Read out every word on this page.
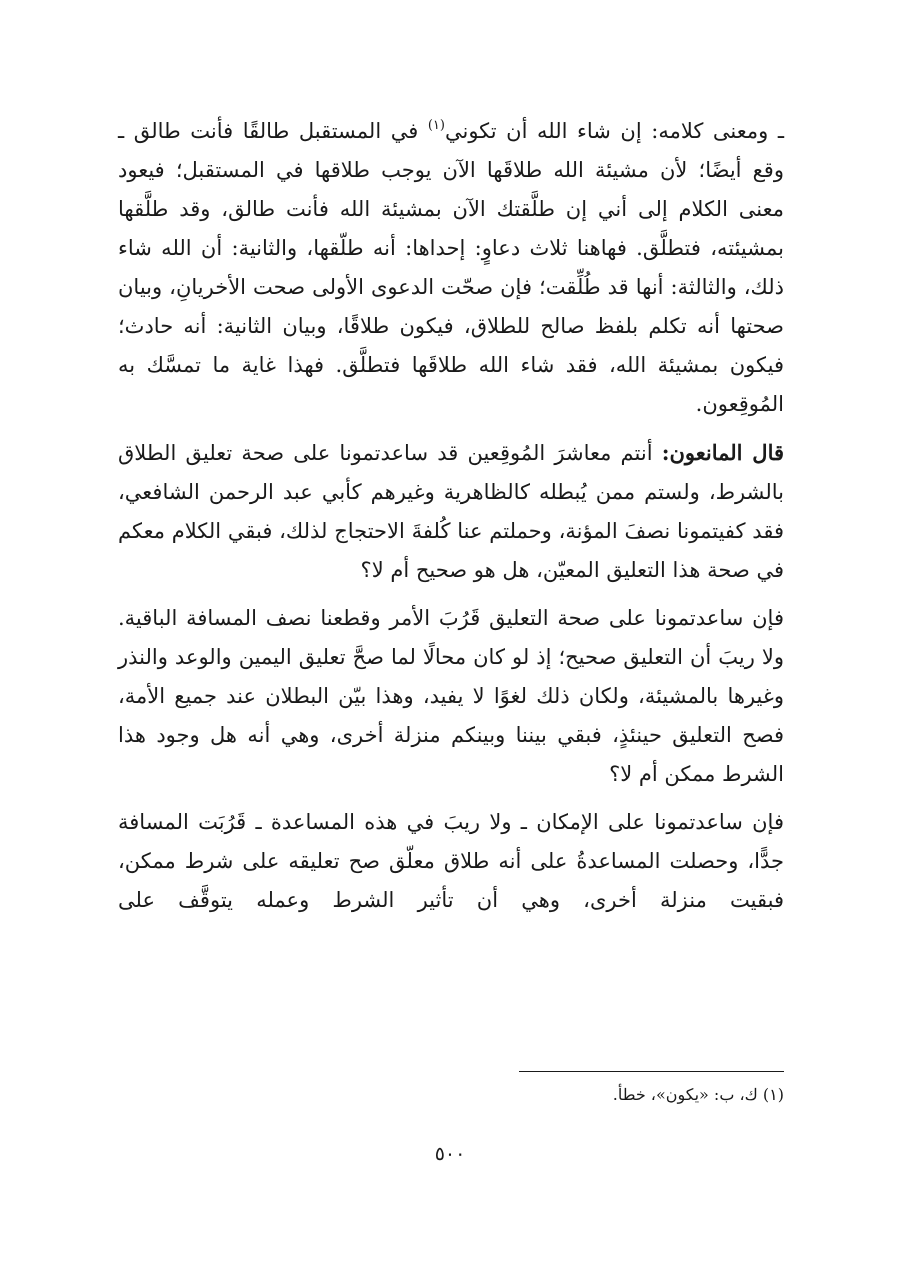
ـ ومعنى كلامه: إن شاء الله أن تكوني$^{(١)}$ في المستقبل طالقًا فأنت طالق ـ وقع أيضًا؛ لأن مشيئة الله طلاقَها الآن يوجب طلاقها في المستقبل؛ فيعود معنى الكلام إلى أني إن طلَّقتك الآن بمشيئة الله فأنت طالق، وقد طلَّقها بمشيئته، فتطلَّق. فهاهنا ثلاث دعاوٍ: إحداها: أنه طلّقها، والثانية: أن الله شاء ذلك، والثالثة: أنها قد طُلِّقت؛ فإن صحّت الدعوى الأولى صحت الأخريانِ، وبيان صحتها أنه تكلم بلفظ صالح للطلاق، فيكون طلاقًا، وبيان الثانية: أنه حادث؛ فيكون بمشيئة الله، فقد شاء الله طلاقَها فتطلَّق. فهذا غاية ما تمسَّك به المُوقِعون.

قال المانعون: أنتم معاشرَ المُوقِعين قد ساعدتمونا على صحة تعليق الطلاق بالشرط، ولستم ممن يُبطله كالظاهرية وغيرهم كأبي عبد الرحمن الشافعي، فقد كفيتمونا نصفَ المؤنة، وحملتم عنا كُلفةَ الاحتجاج لذلك، فبقي الكلام معكم في صحة هذا التعليق المعيّن، هل هو صحيح أم لا؟

فإن ساعدتمونا على صحة التعليق قَرُبَ الأمر وقطعنا نصف المسافة الباقية. ولا ريبَ أن التعليق صحيح؛ إذ لو كان محالًا لما صحَّ تعليق اليمين والوعد والنذر وغيرها بالمشيئة، ولكان ذلك لغوًا لا يفيد، وهذا بيّن البطلان عند جميع الأمة، فصح التعليق حينئذٍ، فبقي بيننا وبينكم منزلة أخرى، وهي أنه هل وجود هذا الشرط ممكن أم لا؟

فإن ساعدتمونا على الإمكان ـ ولا ريبَ في هذه المساعدة ـ قَرُبَت المسافة جدًّا، وحصلت المساعدةُ على أنه طلاق معلّق صح تعليقه على شرط ممكن، فبقيت منزلة أخرى، وهي أن تأثير الشرط وعمله يتوقَّف على

(١) ك، ب: «يكون»، خطأ.

٥٠٠
